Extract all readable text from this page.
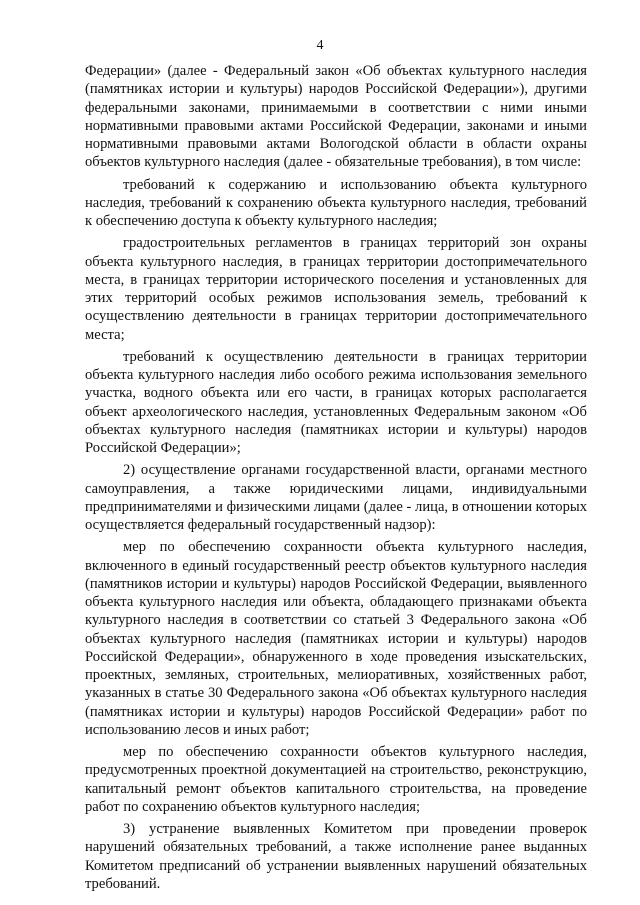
4

Федерации» (далее - Федеральный закон «Об объектах культурного наследия (памятниках истории и культуры) народов Российской Федерации»), другими федеральными законами, принимаемыми в соответствии с ними иными нормативными правовыми актами Российской Федерации, законами и иными нормативными правовыми актами Вологодской области в области охраны объектов культурного наследия (далее - обязательные требования), в том числе:

требований к содержанию и использованию объекта культурного наследия, требований к сохранению объекта культурного наследия, требований к обеспечению доступа к объекту культурного наследия;

градостроительных регламентов в границах территорий зон охраны объекта культурного наследия, в границах территории достопримечательного места, в границах территории исторического поселения и установленных для этих территорий особых режимов использования земель, требований к осуществлению деятельности в границах территории достопримечательного места;

требований к осуществлению деятельности в границах территории объекта культурного наследия либо особого режима использования земельного участка, водного объекта или его части, в границах которых располагается объект археологического наследия, установленных Федеральным законом «Об объектах культурного наследия (памятниках истории и культуры) народов Российской Федерации»;

2) осуществление органами государственной власти, органами местного самоуправления, а также юридическими лицами, индивидуальными предпринимателями и физическими лицами (далее - лица, в отношении которых осуществляется федеральный государственный надзор):

мер по обеспечению сохранности объекта культурного наследия, включенного в единый государственный реестр объектов культурного наследия (памятников истории и культуры) народов Российской Федерации, выявленного объекта культурного наследия или объекта, обладающего признаками объекта культурного наследия в соответствии со статьей 3 Федерального закона «Об объектах культурного наследия (памятниках истории и культуры) народов Российской Федерации», обнаруженного в ходе проведения изыскательских, проектных, земляных, строительных, мелиоративных, хозяйственных работ, указанных в статье 30 Федерального закона «Об объектах культурного наследия (памятниках истории и культуры) народов Российской Федерации» работ по использованию лесов и иных работ;

мер по обеспечению сохранности объектов культурного наследия, предусмотренных проектной документацией на строительство, реконструкцию, капитальный ремонт объектов капитального строительства, на проведение работ по сохранению объектов культурного наследия;

3) устранение выявленных Комитетом при проведении проверок нарушений обязательных требований, а также исполнение ранее выданных Комитетом предписаний об устранении выявленных нарушений обязательных требований.
